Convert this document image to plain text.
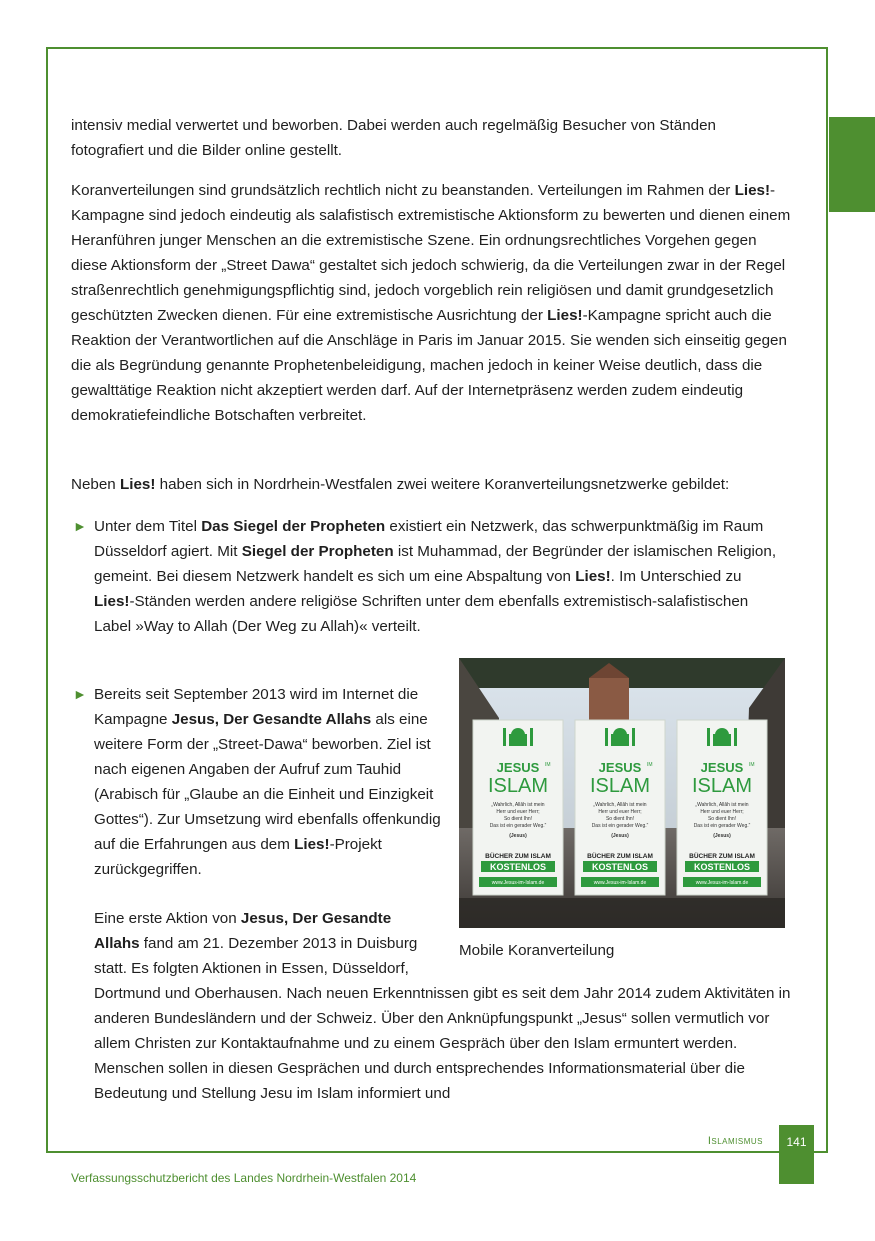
intensiv medial verwertet und beworben. Dabei werden auch regelmäßig Besucher von Ständen fotografiert und die Bilder online gestellt.

Koranverteilungen sind grundsätzlich rechtlich nicht zu beanstanden. Verteilungen im Rahmen der Lies!-Kampagne sind jedoch eindeutig als salafistisch extremistische Aktionsform zu bewerten und dienen einem Heranführen junger Menschen an die extremistische Szene. Ein ordnungsrechtliches Vorgehen gegen diese Aktionsform der „Street Dawa“ gestaltet sich jedoch schwierig, da die Verteilungen zwar in der Regel straßenrechtlich genehmigungspflichtig sind, jedoch vorgeblich rein religiösen und damit grundgesetzlich geschützten Zwecken dienen. Für eine extremistische Ausrichtung der Lies!-Kampagne spricht auch die Reaktion der Verantwortlichen auf die Anschläge in Paris im Januar 2015. Sie wenden sich einseitig gegen die als Begründung genannte Prophetenbeleidigung, machen jedoch in keiner Weise deutlich, dass die gewalttätige Reaktion nicht akzeptiert werden darf. Auf der Internetpräsenz werden zudem eindeutig demokratiefeindliche Botschaften verbreitet.

Neben Lies! haben sich in Nordrhein-Westfalen zwei weitere Koranverteilungsnetzwerke gebildet:

► Unter dem Titel Das Siegel der Propheten existiert ein Netzwerk, das schwerpunktmäßig im Raum Düsseldorf agiert. Mit Siegel der Propheten ist Muhammad, der Begründer der islamischen Religion, gemeint. Bei diesem Netzwerk handelt es sich um eine Abspaltung von Lies!. Im Unterschied zu Lies!-Ständen werden andere religiöse Schriften unter dem ebenfalls extremistisch-salafistischen Label »Way to Allah (Der Weg zu Allah)« verteilt.
► Bereits seit September 2013 wird im Internet die Kampagne Jesus, Der Gesandte Allahs als eine weitere Form der „Street-Dawa“ beworben. Ziel ist nach eigenen Angaben der Aufruf zum Tauhid (Arabisch für „Glaube an die Einheit und Einzigkeit Gottes“). Zur Umsetzung wird ebenfalls offenkundig auf die Erfahrungen aus dem Lies!-Projekt zurückgegriffen.
Eine erste Aktion von Jesus, Der Gesandte Allahs fand am 21. Dezember 2013 in Duisburg statt. Es folgten Aktionen in Essen, Düsseldorf, Dortmund und Oberhausen. Nach neuen Erkenntnissen gibt es seit dem Jahr 2014 zudem Aktivitäten in anderen Bundesländern und der Schweiz. Über den Anknüpfungspunkt „Jesus“ sollen vermutlich vor allem Christen zur Kontaktaufnahme und zu einem Gespräch über den Islam ermuntert werden. Menschen sollen in diesen Gesprächen und durch entsprechendes Informationsmaterial über die Bedeutung und Stellung Jesu im Islam informiert und
JESUS IM
ISLAM
„Wahrlich, Allâh ist mein
Herr und euer Herr;
So dient Ihn!
Das ist ein gerader Weg.“
(Jesus)
BÜCHER ZUM ISLAM
KOSTENLOS
www.Jesus-im-Islam.de
JESUS IM
ISLAM
„Wahrlich, Allâh ist mein
Herr und euer Herr;
So dient Ihn!
Das ist ein gerader Weg.“
(Jesus)
BÜCHER ZUM ISLAM
KOSTENLOS
www.Jesus-im-Islam.de
JESUS IM
ISLAM
„Wahrlich, Allâh ist mein
Herr und euer Herr;
So dient Ihn!
Das ist ein gerader Weg.“
(Jesus)
BÜCHER ZUM ISLAM
KOSTENLOS
www.Jesus-im-Islam.de
Mobile Koranverteilung
Islamismus	141
Verfassungsschutzbericht des Landes Nordrhein-Westfalen 2014
